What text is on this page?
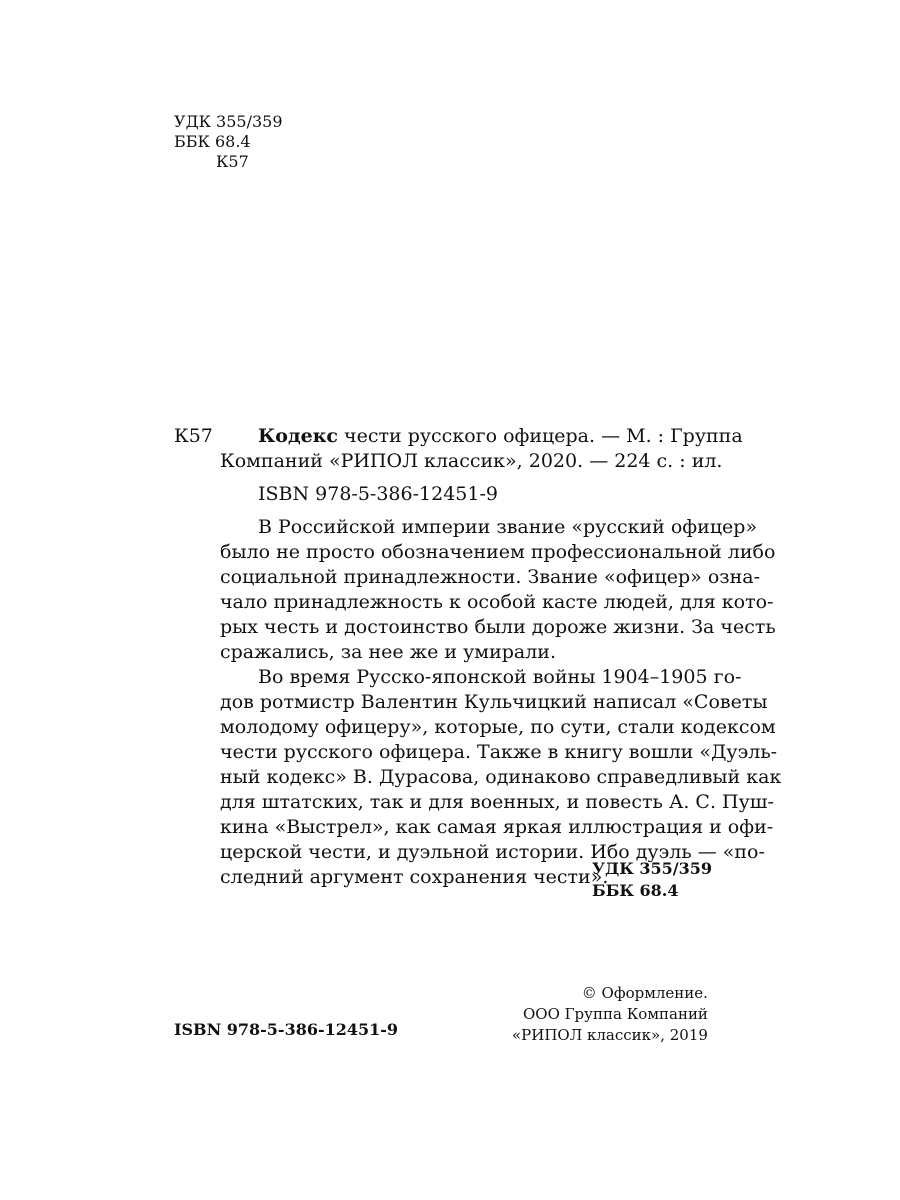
УДК 355/359
ББК 68.4
К57
К57	Кодекс чести русского офицера. — М. : Группа
Компаний «РИПОЛ классик», 2020. — 224 с. : ил.
ISBN 978-5-386-12451-9
В Российской империи звание «русский офицер»
было не просто обозначением профессиональной либо
социальной принадлежности. Звание «офицер» озна-
чало принадлежность к особой касте людей, для кото-
рых честь и достоинство были дороже жизни. За честь
сражались, за нее же и умирали.
Во время Русско-японской войны 1904–1905 го-
дов ротмистр Валентин Кульчицкий написал «Советы
молодому офицеру», которые, по сути, стали кодексом
чести русского офицера. Также в книгу вошли «Дуэль-
ный кодекс» В. Дурасова, одинаково справедливый как
для штатских, так и для военных, и повесть А. С. Пуш-
кина «Выстрел», как самая яркая иллюстрация и офи-
церской чести, и дуэльной истории. Ибо дуэль — «по-
следний аргумент сохранения чести».
УДК 355/359
ББК 68.4
© Оформление.
ООО Группа Компаний
«РИПОЛ классик», 2019
ISBN 978-5-386-12451-9
